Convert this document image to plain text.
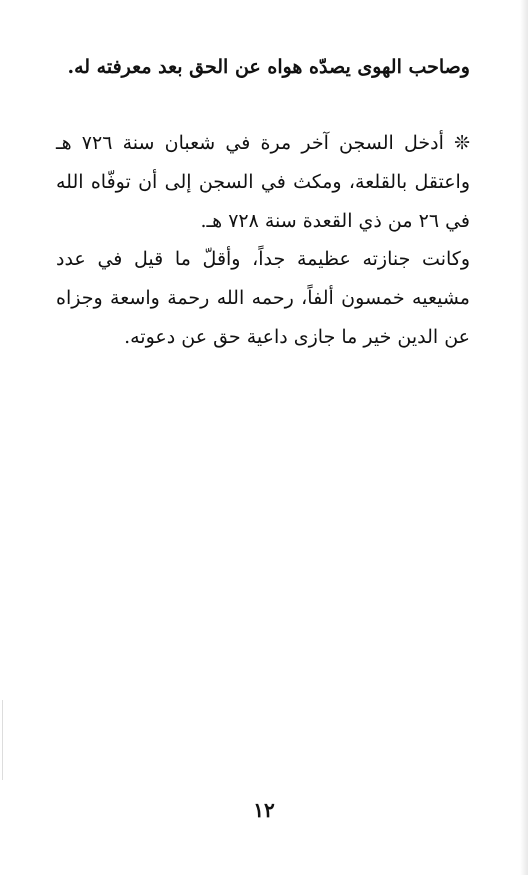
وصاحب الهوى يصدّه هواه عن الحق بعد معرفته له.

❊ أدخل السجن آخر مرة في شعبان سنة ٧٢٦ هـ واعتقل بالقلعة، ومكث في السجن إلى أن توفّاه الله في ٢٦ من ذي القعدة سنة ٧٢٨ هـ.

وكانت جنازته عظيمة جداً، وأقلّ ما قيل في عدد مشيعيه خمسون ألفاً، رحمه الله رحمة واسعة وجزاه عن الدين خير ما جازى داعية حق عن دعوته.

١٢
